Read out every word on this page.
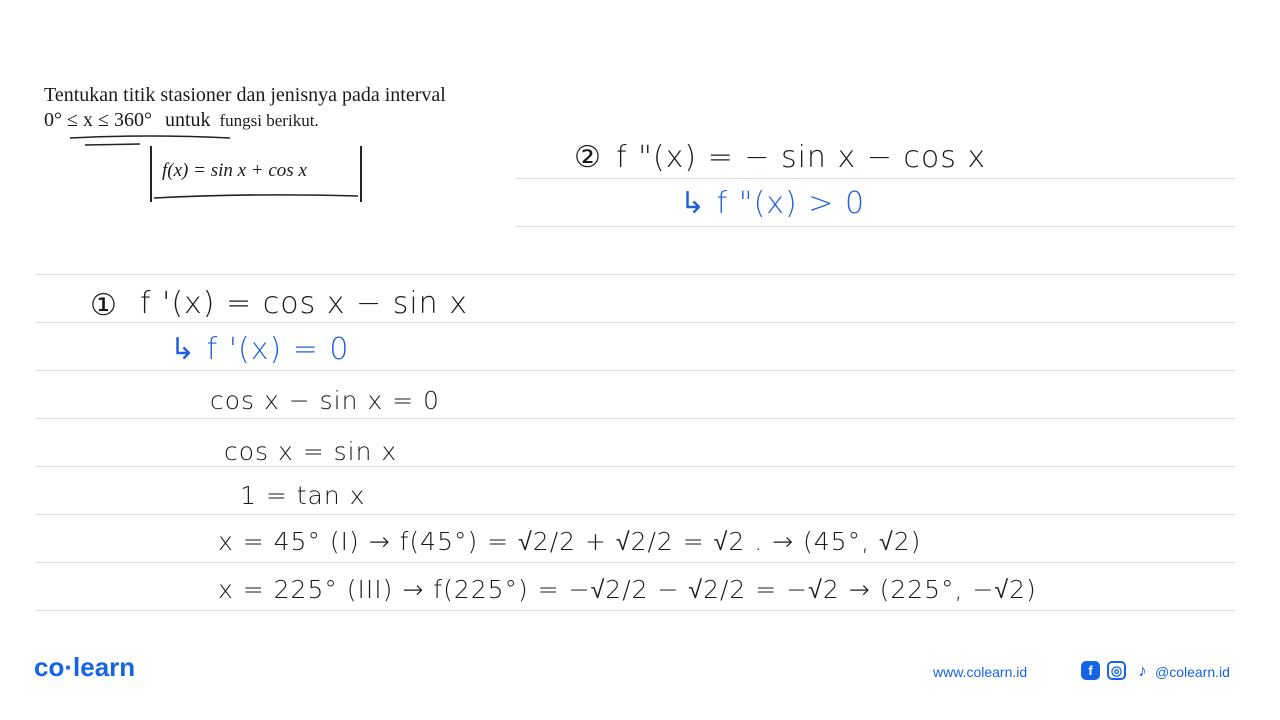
Tentukan titik stasioner dan jenisnya pada interval
0° ≤ x ≤ 360° untuk fungsi berikut.
f(x) = sin x + cos x	② f "(x) = − sin x − cos x
↳ f "(x) > 0
① f '(x) = cos x − sin x
↳ f '(x) = 0
cos x − sin x = 0
cos x = sin x
1 = tan x
x = 45° (I) → f(45°) = √2/2 + √2/2 = √2 . → (45°, √2)
x = 225° (III) → f(225°) = −√2/2 − √2/2 = −√2 → (225°, −√2)
co·learn	www.colearn.id	f	◎ ♪ @colearn.id
